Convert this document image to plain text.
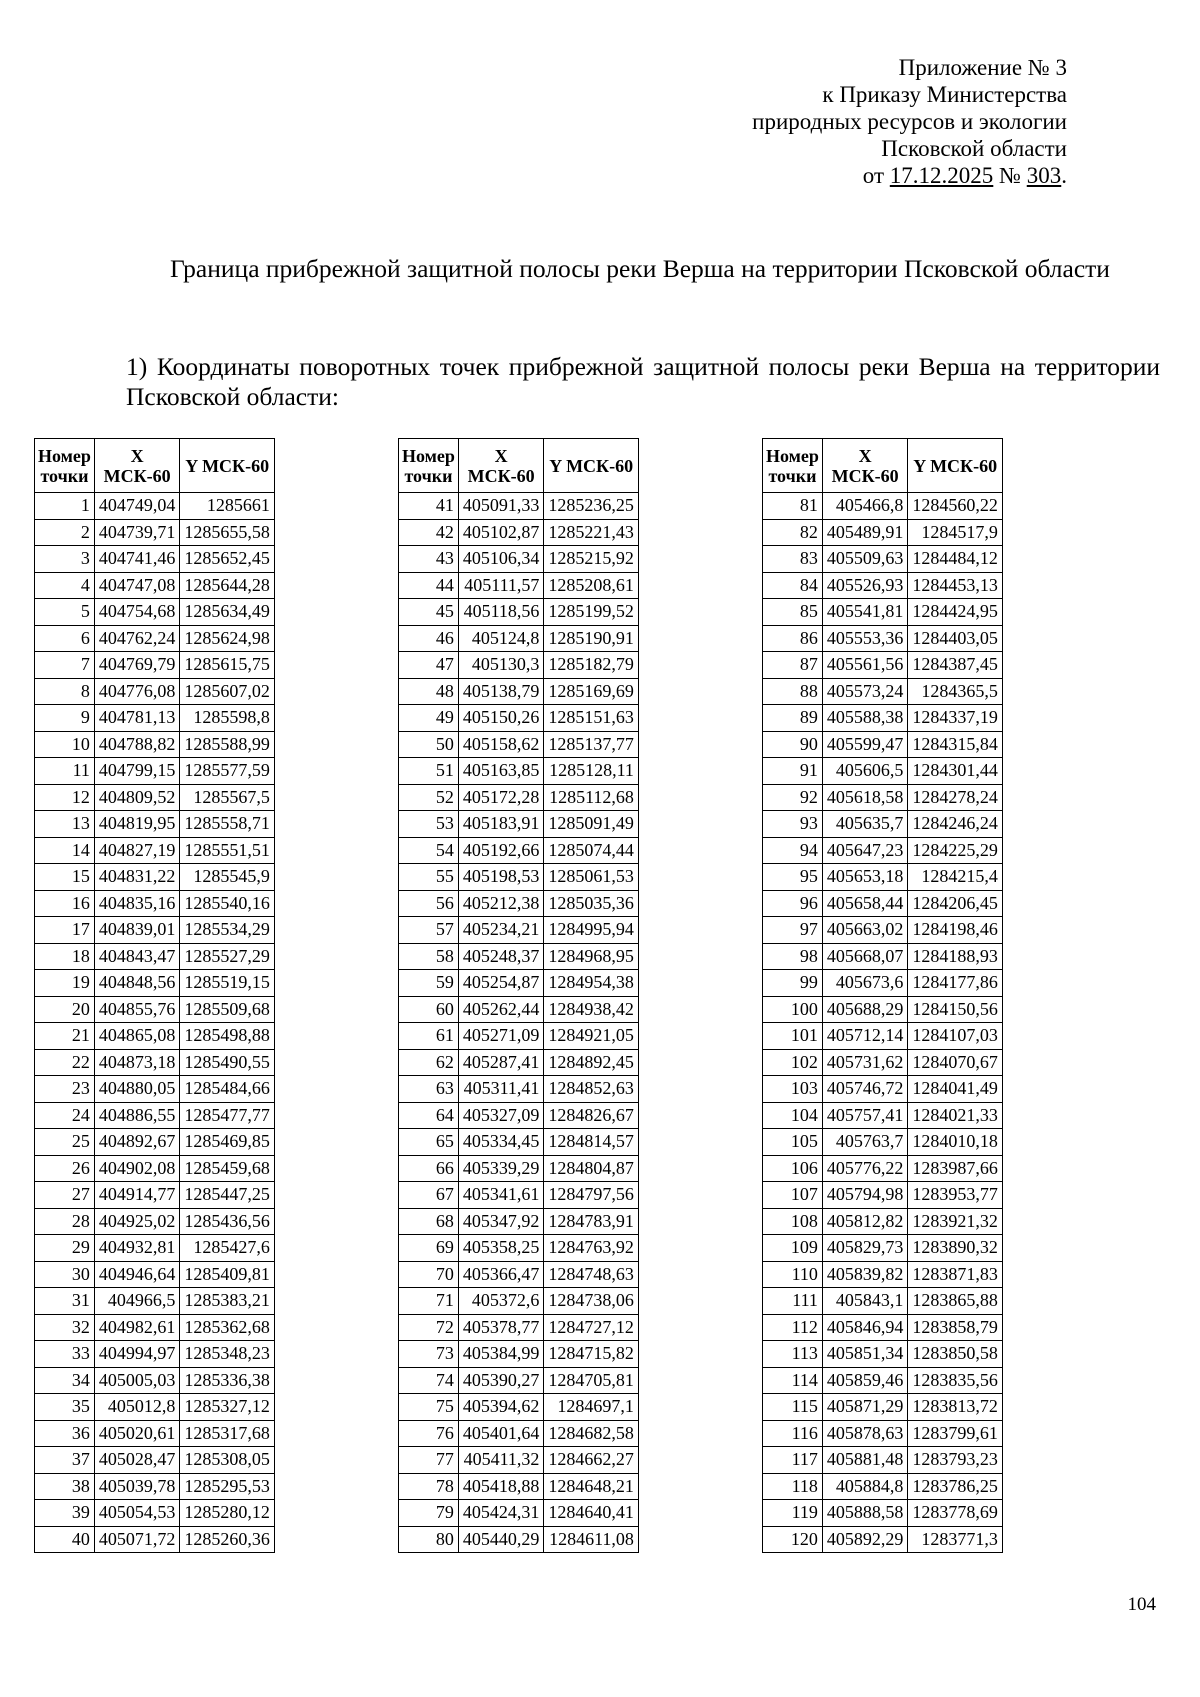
Приложение № 3
к Приказу Министерства
природных ресурсов и экологии
Псковской области
от 17.12.2025 № 303.
Граница прибрежной защитной полосы реки Верша на территории Псковской области
1) Координаты поворотных точек прибрежной защитной полосы реки Верша на территории Псковской области:
Номер точки	X МСК-60	Y МСК-60
1	404749,04	1285661
2	404739,71	1285655,58
3	404741,46	1285652,45
4	404747,08	1285644,28
5	404754,68	1285634,49
6	404762,24	1285624,98
7	404769,79	1285615,75
8	404776,08	1285607,02
9	404781,13	1285598,8
10	404788,82	1285588,99
11	404799,15	1285577,59
12	404809,52	1285567,5
13	404819,95	1285558,71
14	404827,19	1285551,51
15	404831,22	1285545,9
16	404835,16	1285540,16
17	404839,01	1285534,29
18	404843,47	1285527,29
19	404848,56	1285519,15
20	404855,76	1285509,68
21	404865,08	1285498,88
22	404873,18	1285490,55
23	404880,05	1285484,66
24	404886,55	1285477,77
25	404892,67	1285469,85
26	404902,08	1285459,68
27	404914,77	1285447,25
28	404925,02	1285436,56
29	404932,81	1285427,6
30	404946,64	1285409,81
31	404966,5	1285383,21
32	404982,61	1285362,68
33	404994,97	1285348,23
34	405005,03	1285336,38
35	405012,8	1285327,12
36	405020,61	1285317,68
37	405028,47	1285308,05
38	405039,78	1285295,53
39	405054,53	1285280,12
40	405071,72	1285260,36
Номер точки	X МСК-60	Y МСК-60
41	405091,33	1285236,25
42	405102,87	1285221,43
43	405106,34	1285215,92
44	405111,57	1285208,61
45	405118,56	1285199,52
46	405124,8	1285190,91
47	405130,3	1285182,79
48	405138,79	1285169,69
49	405150,26	1285151,63
50	405158,62	1285137,77
51	405163,85	1285128,11
52	405172,28	1285112,68
53	405183,91	1285091,49
54	405192,66	1285074,44
55	405198,53	1285061,53
56	405212,38	1285035,36
57	405234,21	1284995,94
58	405248,37	1284968,95
59	405254,87	1284954,38
60	405262,44	1284938,42
61	405271,09	1284921,05
62	405287,41	1284892,45
63	405311,41	1284852,63
64	405327,09	1284826,67
65	405334,45	1284814,57
66	405339,29	1284804,87
67	405341,61	1284797,56
68	405347,92	1284783,91
69	405358,25	1284763,92
70	405366,47	1284748,63
71	405372,6	1284738,06
72	405378,77	1284727,12
73	405384,99	1284715,82
74	405390,27	1284705,81
75	405394,62	1284697,1
76	405401,64	1284682,58
77	405411,32	1284662,27
78	405418,88	1284648,21
79	405424,31	1284640,41
80	405440,29	1284611,08
Номер точки	X МСК-60	Y МСК-60
81	405466,8	1284560,22
82	405489,91	1284517,9
83	405509,63	1284484,12
84	405526,93	1284453,13
85	405541,81	1284424,95
86	405553,36	1284403,05
87	405561,56	1284387,45
88	405573,24	1284365,5
89	405588,38	1284337,19
90	405599,47	1284315,84
91	405606,5	1284301,44
92	405618,58	1284278,24
93	405635,7	1284246,24
94	405647,23	1284225,29
95	405653,18	1284215,4
96	405658,44	1284206,45
97	405663,02	1284198,46
98	405668,07	1284188,93
99	405673,6	1284177,86
100	405688,29	1284150,56
101	405712,14	1284107,03
102	405731,62	1284070,67
103	405746,72	1284041,49
104	405757,41	1284021,33
105	405763,7	1284010,18
106	405776,22	1283987,66
107	405794,98	1283953,77
108	405812,82	1283921,32
109	405829,73	1283890,32
110	405839,82	1283871,83
111	405843,1	1283865,88
112	405846,94	1283858,79
113	405851,34	1283850,58
114	405859,46	1283835,56
115	405871,29	1283813,72
116	405878,63	1283799,61
117	405881,48	1283793,23
118	405884,8	1283786,25
119	405888,58	1283778,69
120	405892,29	1283771,3
104
